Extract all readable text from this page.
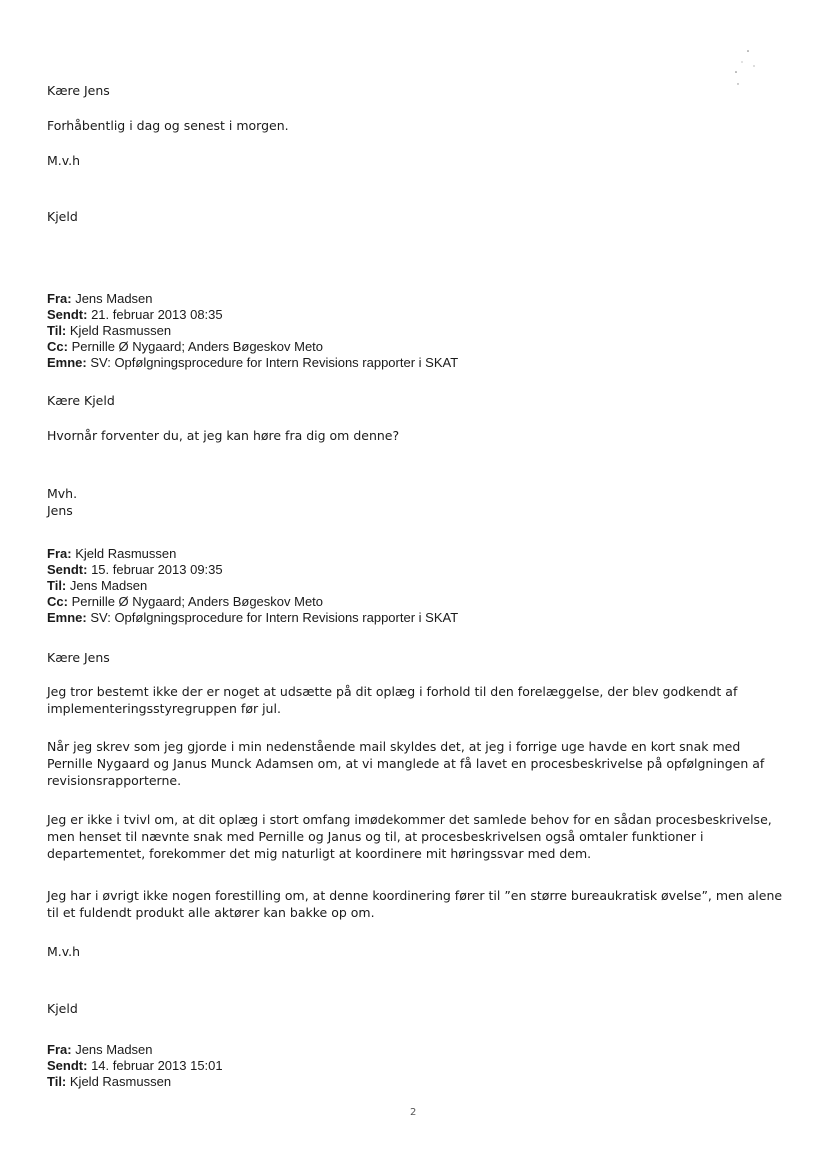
Kære Jens
Forhåbentlig i dag og senest i morgen.
M.v.h
Kjeld
Fra: Jens Madsen
Sendt: 21. februar 2013 08:35
Til: Kjeld Rasmussen
Cc: Pernille Ø Nygaard; Anders Bøgeskov Meto
Emne: SV: Opfølgningsprocedure for Intern Revisions rapporter i SKAT
Kære Kjeld
Hvornår forventer du, at jeg kan høre fra dig om denne?
Mvh.
Jens
Fra: Kjeld Rasmussen
Sendt: 15. februar 2013 09:35
Til: Jens Madsen
Cc: Pernille Ø Nygaard; Anders Bøgeskov Meto
Emne: SV: Opfølgningsprocedure for Intern Revisions rapporter i SKAT
Kære Jens
Jeg tror bestemt ikke der er noget at udsætte på dit oplæg i forhold til den forelæggelse, der blev godkendt af implementeringsstyregruppen før jul.
Når jeg skrev som jeg gjorde i min nedenstående mail skyldes det, at jeg i forrige uge havde en kort snak med Pernille Nygaard og Janus Munck Adamsen om, at vi manglede at få lavet en procesbeskrivelse på opfølgningen af revisionsrapporterne.
Jeg er ikke i tvivl om, at dit oplæg i stort omfang imødekommer det samlede behov for en sådan procesbeskrivelse, men henset til nævnte snak med Pernille og Janus og til, at procesbeskrivelsen også omtaler funktioner i departementet, forekommer det mig naturligt at koordinere mit høringssvar med dem.
Jeg har i øvrigt ikke nogen forestilling om, at denne koordinering fører til ”en større bureaukratisk øvelse”, men alene til et fuldendt produkt alle aktører kan bakke op om.
M.v.h
Kjeld
Fra: Jens Madsen
Sendt: 14. februar 2013 15:01
Til: Kjeld Rasmussen
2
